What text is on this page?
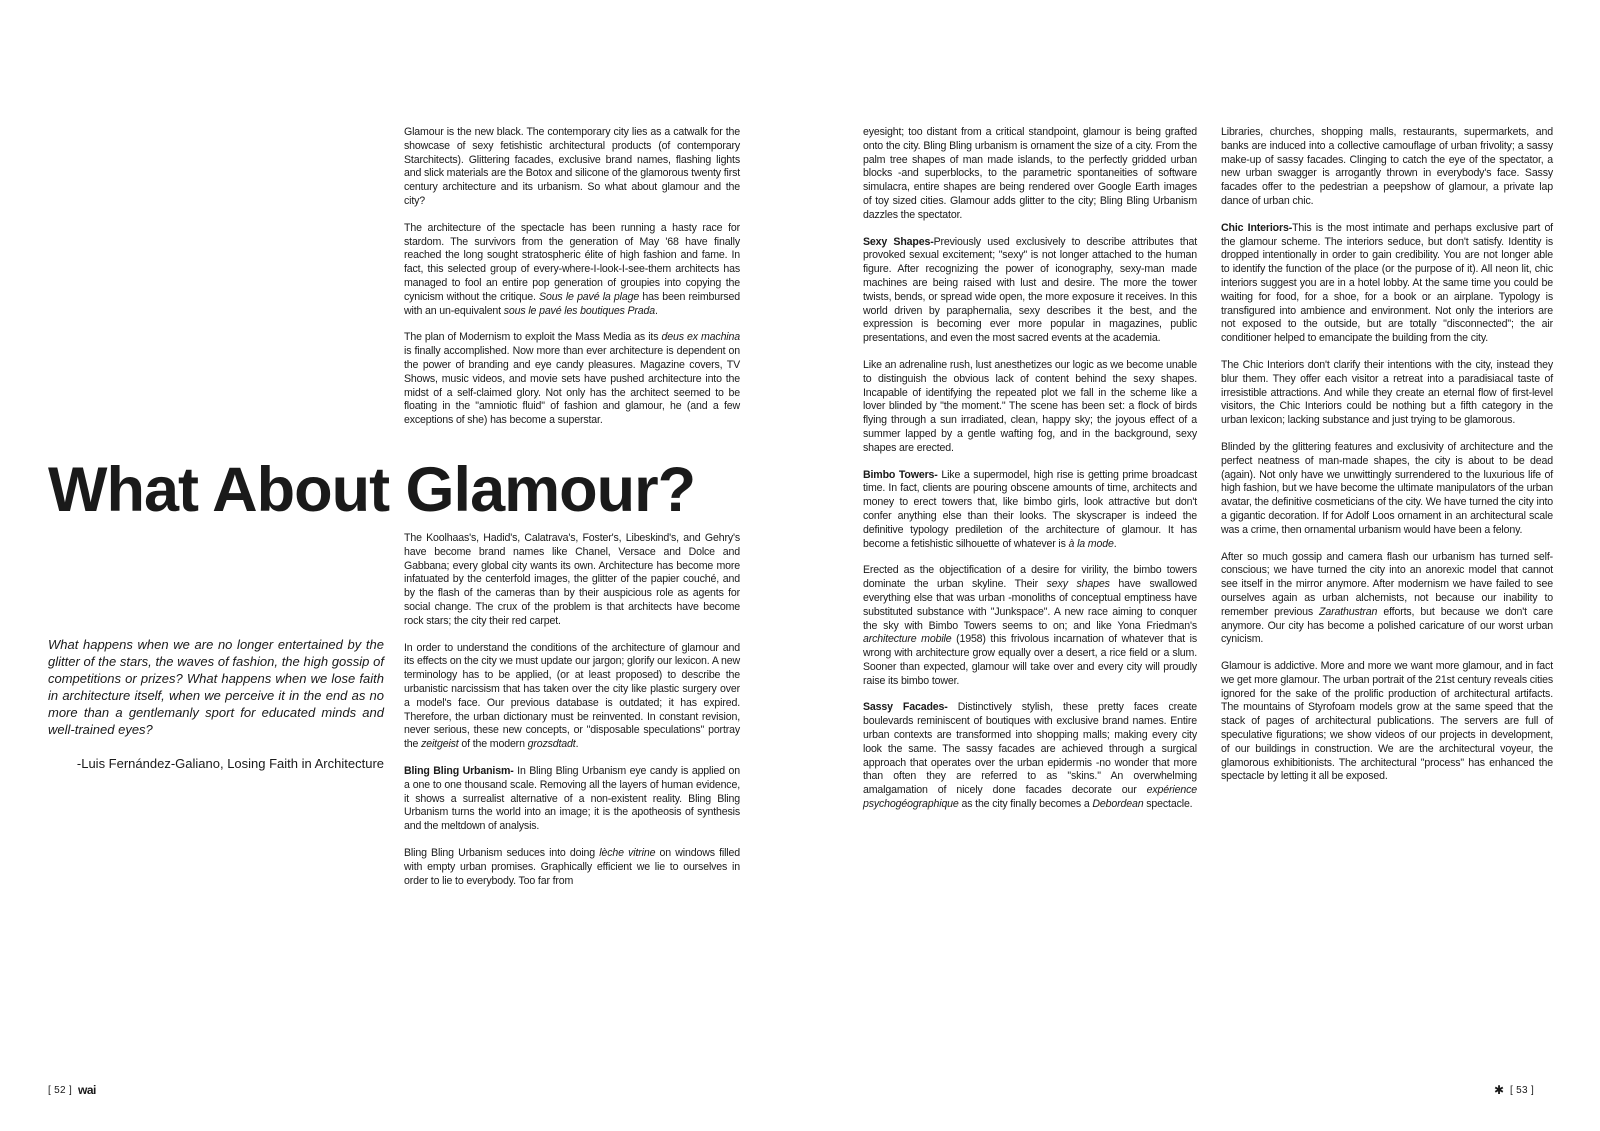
Glamour is the new black. The contemporary city lies as a catwalk for the showcase of sexy fetishistic architectural products (of contemporary Starchitects). Glittering facades, exclusive brand names, flashing lights and slick materials are the Botox and silicone of the glamorous twenty first century architecture and its urbanism. So what about glamour and the city?

The architecture of the spectacle has been running a hasty race for stardom. The survivors from the generation of May '68 have finally reached the long sought stratospheric élite of high fashion and fame. In fact, this selected group of every-where-I-look-I-see-them architects has managed to fool an entire pop generation of groupies into copying the cynicism without the critique. Sous le pavé la plage has been reimbursed with an un-equivalent sous le pavé les boutiques Prada.

The plan of Modernism to exploit the Mass Media as its deus ex machina is finally accomplished. Now more than ever architecture is dependent on the power of branding and eye candy pleasures. Magazine covers, TV Shows, music videos, and movie sets have pushed architecture into the midst of a self-claimed glory. Not only has the architect seemed to be floating in the "amniotic fluid" of fashion and glamour, he (and a few exceptions of she) has become a superstar.

What About Glamour?

The Koolhaas's, Hadid's, Calatrava's, Foster's, Libeskind's, and Gehry's have become brand names like Chanel, Versace and Dolce and Gabbana; every global city wants its own. Architecture has become more infatuated by the centerfold images, the glitter of the papier couché, and by the flash of the cameras than by their auspicious role as agents for social change. The crux of the problem is that architects have become rock stars; the city their red carpet.

In order to understand the conditions of the architecture of glamour and its effects on the city we must update our jargon; glorify our lexicon. A new terminology has to be applied, (or at least proposed) to describe the urbanistic narcissism that has taken over the city like plastic surgery over a model's face. Our previous database is outdated; it has expired. Therefore, the urban dictionary must be reinvented. In constant revision, never serious, these new concepts, or "disposable speculations" portray the zeitgeist of the modern grozsdtadt.

Bling Bling Urbanism- In Bling Bling Urbanism eye candy is applied on a one to one thousand scale. Removing all the layers of human evidence, it shows a surrealist alternative of a non-existent reality. Bling Bling Urbanism turns the world into an image; it is the apotheosis of synthesis and the meltdown of analysis.

Bling Bling Urbanism seduces into doing lèche vitrine on windows filled with empty urban promises. Graphically efficient we lie to ourselves in order to lie to everybody. Too far from

What happens when we are no longer entertained by the glitter of the stars, the waves of fashion, the high gossip of competitions or prizes? What happens when we lose faith in architecture itself, when we perceive it in the end as no more than a gentlemanly sport for educated minds and well-trained eyes?

-Luis Fernández-Galiano, Losing Faith in Architecture

eyesight; too distant from a critical standpoint, glamour is being grafted onto the city. Bling Bling urbanism is ornament the size of a city. From the palm tree shapes of man made islands, to the perfectly gridded urban blocks -and superblocks, to the parametric spontaneities of software simulacra, entire shapes are being rendered over Google Earth images of toy sized cities. Glamour adds glitter to the city; Bling Bling Urbanism dazzles the spectator.

Sexy Shapes-Previously used exclusively to describe attributes that provoked sexual excitement; "sexy" is not longer attached to the human figure. After recognizing the power of iconography, sexy-man made machines are being raised with lust and desire. The more the tower twists, bends, or spread wide open, the more exposure it receives. In this world driven by paraphernalia, sexy describes it the best, and the expression is becoming ever more popular in magazines, public presentations, and even the most sacred events at the academia.

Like an adrenaline rush, lust anesthetizes our logic as we become unable to distinguish the obvious lack of content behind the sexy shapes. Incapable of identifying the repeated plot we fall in the scheme like a lover blinded by "the moment." The scene has been set: a flock of birds flying through a sun irradiated, clean, happy sky; the joyous effect of a summer lapped by a gentle wafting fog, and in the background, sexy shapes are erected.

Bimbo Towers- Like a supermodel, high rise is getting prime broadcast time. In fact, clients are pouring obscene amounts of time, architects and money to erect towers that, like bimbo girls, look attractive but don't confer anything else than their looks. The skyscraper is indeed the definitive typology prediletion of the architecture of glamour. It has become a fetishistic silhouette of whatever is à la mode.

Erected as the objectification of a desire for virility, the bimbo towers dominate the urban skyline. Their sexy shapes have swallowed everything else that was urban -monoliths of conceptual emptiness have substituted substance with "Junkspace". A new race aiming to conquer the sky with Bimbo Towers seems to on; and like Yona Friedman's architecture mobile (1958) this frivolous incarnation of whatever that is wrong with architecture grow equally over a desert, a rice field or a slum. Sooner than expected, glamour will take over and every city will proudly raise its bimbo tower.

Sassy Facades- Distinctively stylish, these pretty faces create boulevards reminiscent of boutiques with exclusive brand names. Entire urban contexts are transformed into shopping malls; making every city look the same. The sassy facades are achieved through a surgical approach that operates over the urban epidermis -no wonder that more than often they are referred to as "skins." An overwhelming amalgamation of nicely done facades decorate our expérience psychogéographique as the city finally becomes a Debordean spectacle.

Libraries, churches, shopping malls, restaurants, supermarkets, and banks are induced into a collective camouflage of urban frivolity; a sassy make-up of sassy facades. Clinging to catch the eye of the spectator, a new urban swagger is arrogantly thrown in everybody's face. Sassy facades offer to the pedestrian a peepshow of glamour, a private lap dance of urban chic.

Chic Interiors-This is the most intimate and perhaps exclusive part of the glamour scheme. The interiors seduce, but don't satisfy. Identity is dropped intentionally in order to gain credibility. You are not longer able to identify the function of the place (or the purpose of it). All neon lit, chic interiors suggest you are in a hotel lobby. At the same time you could be waiting for food, for a shoe, for a book or an airplane. Typology is transfigured into ambience and environment. Not only the interiors are not exposed to the outside, but are totally "disconnected"; the air conditioner helped to emancipate the building from the city.

The Chic Interiors don't clarify their intentions with the city, instead they blur them. They offer each visitor a retreat into a paradisiacal taste of irresistible attractions. And while they create an eternal flow of first-level visitors, the Chic Interiors could be nothing but a fifth category in the urban lexicon; lacking substance and just trying to be glamorous.

Blinded by the glittering features and exclusivity of architecture and the perfect neatness of man-made shapes, the city is about to be dead (again). Not only have we unwittingly surrendered to the luxurious life of high fashion, but we have become the ultimate manipulators of the urban avatar, the definitive cosmeticians of the city. We have turned the city into a gigantic decoration. If for Adolf Loos ornament in an architectural scale was a crime, then ornamental urbanism would have been a felony.

After so much gossip and camera flash our urbanism has turned self-conscious; we have turned the city into an anorexic model that cannot see itself in the mirror anymore. After modernism we have failed to see ourselves again as urban alchemists, not because our inability to remember previous Zarathustran efforts, but because we don't care anymore. Our city has become a polished caricature of our worst urban cynicism.

Glamour is addictive. More and more we want more glamour, and in fact we get more glamour. The urban portrait of the 21st century reveals cities ignored for the sake of the prolific production of architectural artifacts. The mountains of Styrofoam models grow at the same speed that the stack of pages of architectural publications. The servers are full of speculative figurations; we show videos of our projects in development, of our buildings in construction. We are the architectural voyeur, the glamorous exhibitionists. The architectural "process" has enhanced the spectacle by letting it all be exposed.

[ 52 ] wai	✱ [ 53 ]
